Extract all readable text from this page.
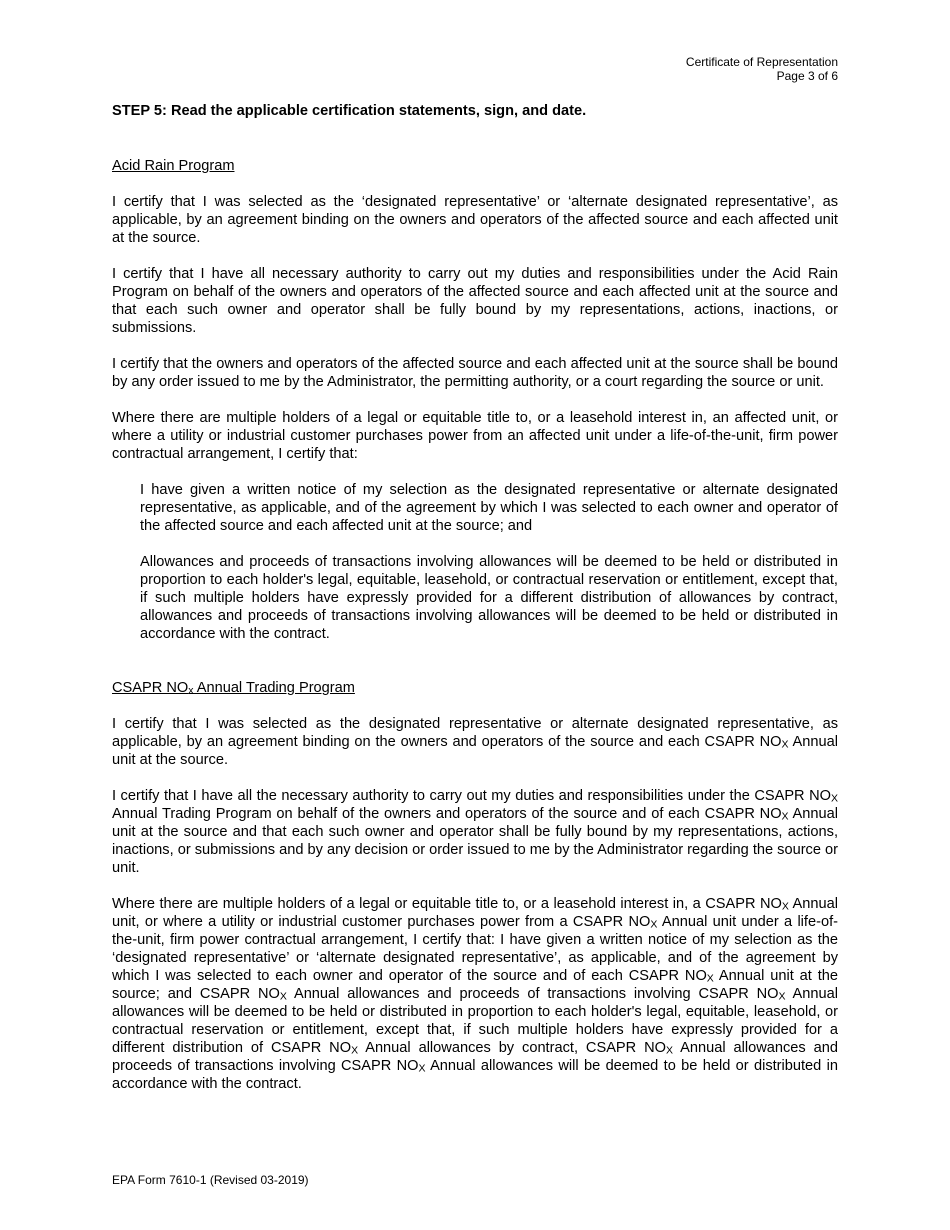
Certificate of Representation
Page 3 of 6

STEP 5: Read the applicable certification statements, sign, and date.

Acid Rain Program

I certify that I was selected as the ‘designated representative’ or ‘alternate designated representative’, as applicable, by an agreement binding on the owners and operators of the affected source and each affected unit at the source.

I certify that I have all necessary authority to carry out my duties and responsibilities under the Acid Rain Program on behalf of the owners and operators of the affected source and each affected unit at the source and that each such owner and operator shall be fully bound by my representations, actions, inactions, or submissions.

I certify that the owners and operators of the affected source and each affected unit at the source shall be bound by any order issued to me by the Administrator, the permitting authority, or a court regarding the source or unit.

Where there are multiple holders of a legal or equitable title to, or a leasehold interest in, an affected unit, or where a utility or industrial customer purchases power from an affected unit under a life-of-the-unit, firm power contractual arrangement, I certify that:

I have given a written notice of my selection as the designated representative or alternate designated representative, as applicable, and of the agreement by which I was selected to each owner and operator of the affected source and each affected unit at the source; and

Allowances and proceeds of transactions involving allowances will be deemed to be held or distributed in proportion to each holder's legal, equitable, leasehold, or contractual reservation or entitlement, except that, if such multiple holders have expressly provided for a different distribution of allowances by contract, allowances and proceeds of transactions involving allowances will be deemed to be held or distributed in accordance with the contract.

CSAPR NOx Annual Trading Program

I certify that I was selected as the designated representative or alternate designated representative, as applicable, by an agreement binding on the owners and operators of the source and each CSAPR NOX Annual unit at the source.

I certify that I have all the necessary authority to carry out my duties and responsibilities under the CSAPR NOX Annual Trading Program on behalf of the owners and operators of the source and of each CSAPR NOX Annual unit at the source and that each such owner and operator shall be fully bound by my representations, actions, inactions, or submissions and by any decision or order issued to me by the Administrator regarding the source or unit.

Where there are multiple holders of a legal or equitable title to, or a leasehold interest in, a CSAPR NOX Annual unit, or where a utility or industrial customer purchases power from a CSAPR NOX Annual unit under a life-of-the-unit, firm power contractual arrangement, I certify that: I have given a written notice of my selection as the ‘designated representative’ or ‘alternate designated representative’, as applicable, and of the agreement by which I was selected to each owner and operator of the source and of each CSAPR NOX Annual unit at the source; and CSAPR NOX Annual allowances and proceeds of transactions involving CSAPR NOX Annual allowances will be deemed to be held or distributed in proportion to each holder's legal, equitable, leasehold, or contractual reservation or entitlement, except that, if such multiple holders have expressly provided for a different distribution of CSAPR NOX Annual allowances by contract, CSAPR NOX Annual allowances and proceeds of transactions involving CSAPR NOX Annual allowances will be deemed to be held or distributed in accordance with the contract.

EPA Form 7610-1 (Revised 03-2019)
